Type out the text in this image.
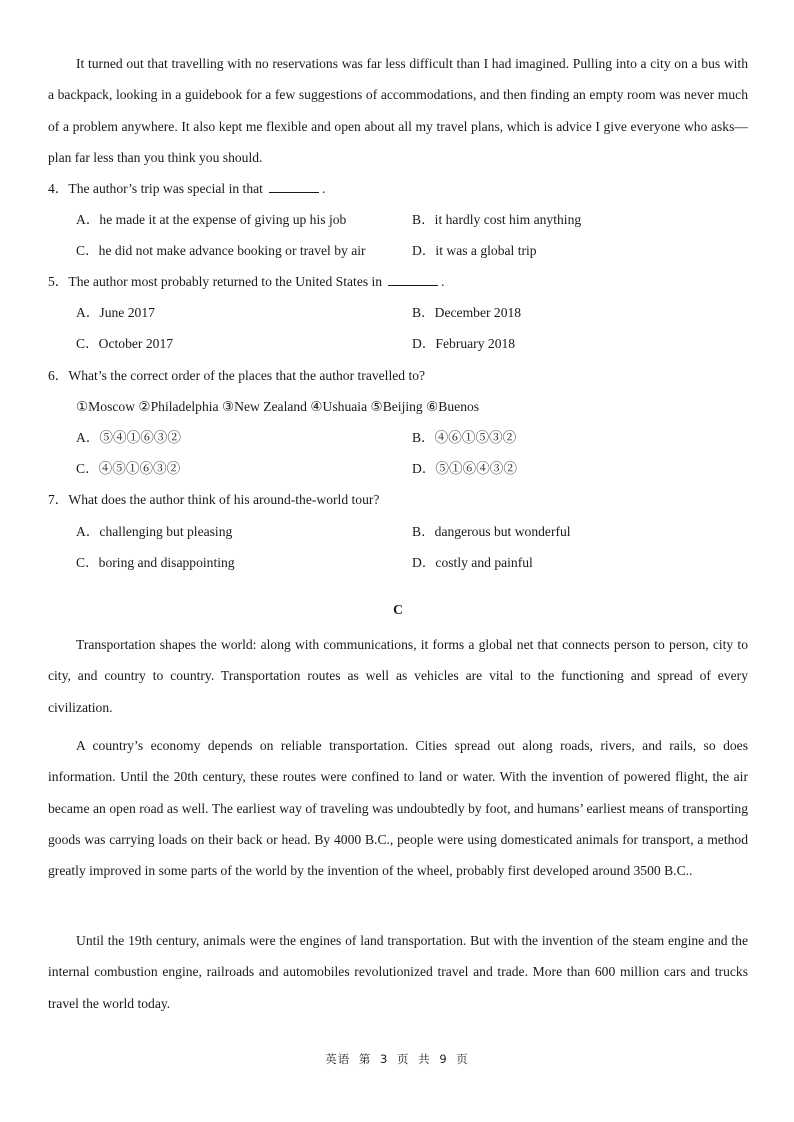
It turned out that travelling with no reservations was far less difficult than I had imagined. Pulling into a city on a bus with a backpack, looking in a guidebook for a few suggestions of accommodations, and then finding an empty room was never much of a problem anywhere. It also kept me flexible and open about all my travel plans, which is advice I give everyone who asks—plan far less than you think you should.

4．The author’s trip was special in that	.
A．he made it at the expense of giving up his job	B．it hardly cost him anything
C．he did not make advance booking or travel by air	D．it was a global trip
5．The author most probably returned to the United States in	.
A．June 2017	B．December 2018
C．October 2017	D．February 2018
6．What’s the correct order of the places that the author travelled to?
①Moscow ②Philadelphia ③New Zealand ④Ushuaia ⑤Beijing ⑥Buenos
A．⑤④①⑥③②	B．④⑥①⑤③②
C．④⑤①⑥③②	D．⑤①⑥④③②
7．What does the author think of his around-the-world tour?
A．challenging but pleasing	B．dangerous but wonderful
C．boring and disappointing	D．costly and painful
C

Transportation shapes the world: along with communications, it forms a global net that connects person to person, city to city, and country to country. Transportation routes as well as vehicles are vital to the functioning and spread of every civilization.

A country’s economy depends on reliable transportation. Cities spread out along roads, rivers, and rails, so does information. Until the 20th century, these routes were confined to land or water. With the invention of powered flight, the air became an open road as well. The earliest way of traveling was undoubtedly by foot, and humans’ earliest means of transporting goods was carrying loads on their back or head. By 4000 B.C., people were using domesticated animals for transport, a method greatly improved in some parts of the world by the invention of the wheel, probably first developed around 3500 B.C..

Until the 19th century, animals were the engines of land transportation. But with the invention of the steam engine and the internal combustion engine, railroads and automobiles revolutionized travel and trade. More than 600 million cars and trucks travel the world today.

英语 第 3 页 共 9 页
